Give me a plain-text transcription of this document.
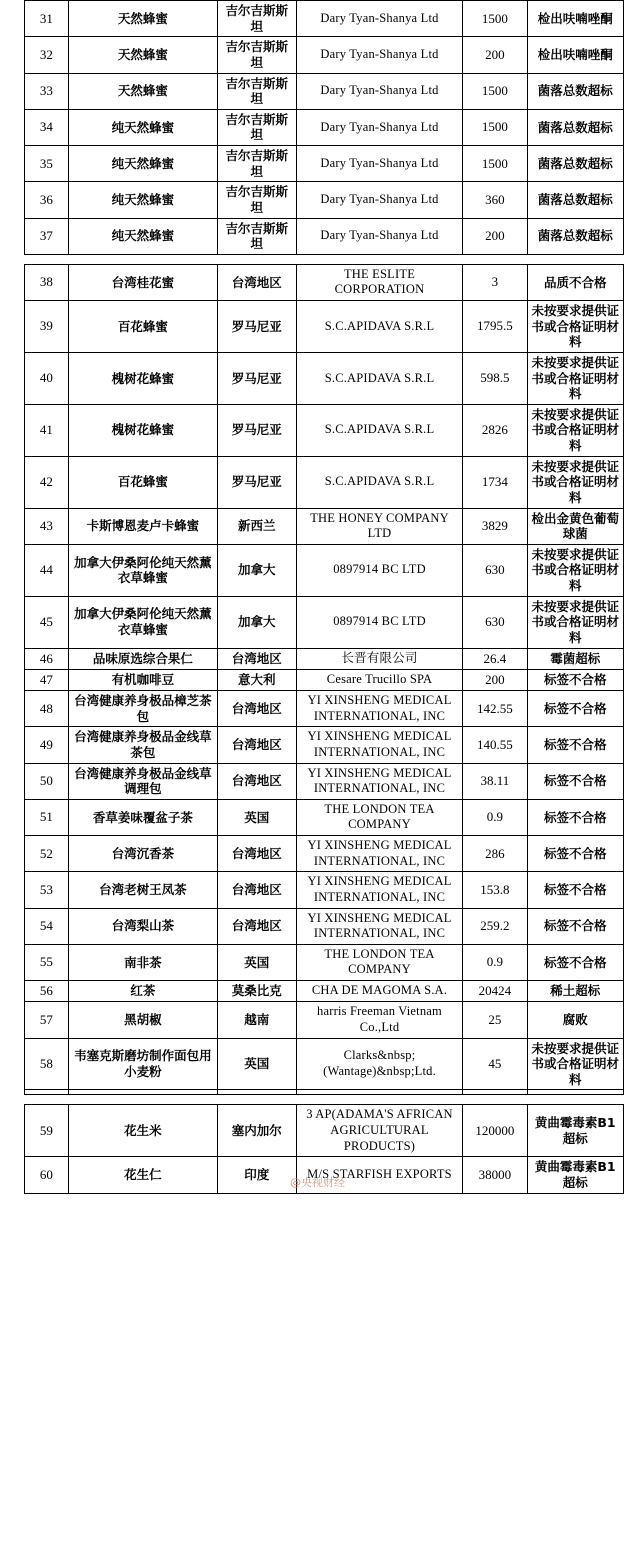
31	天然蜂蜜	吉尔吉斯斯坦	Dary Tyan-Shanya Ltd	1500	检出呋喃唑酮
32	天然蜂蜜	吉尔吉斯斯坦	Dary Tyan-Shanya Ltd	200	检出呋喃唑酮
33	天然蜂蜜	吉尔吉斯斯坦	Dary Tyan-Shanya Ltd	1500	菌落总数超标
34	纯天然蜂蜜	吉尔吉斯斯坦	Dary Tyan-Shanya Ltd	1500	菌落总数超标
35	纯天然蜂蜜	吉尔吉斯斯坦	Dary Tyan-Shanya Ltd	1500	菌落总数超标
36	纯天然蜂蜜	吉尔吉斯斯坦	Dary Tyan-Shanya Ltd	360	菌落总数超标
37	纯天然蜂蜜	吉尔吉斯斯坦	Dary Tyan-Shanya Ltd	200	菌落总数超标
38	台湾桂花蜜	台湾地区	THE ESLITE CORPORATION	3	品质不合格
39	百花蜂蜜	罗马尼亚	S.C.APIDAVA S.R.L	1795.5	未按要求提供证书或合格证明材料
40	槐树花蜂蜜	罗马尼亚	S.C.APIDAVA S.R.L	598.5	未按要求提供证书或合格证明材料
41	槐树花蜂蜜	罗马尼亚	S.C.APIDAVA S.R.L	2826	未按要求提供证书或合格证明材料
42	百花蜂蜜	罗马尼亚	S.C.APIDAVA S.R.L	1734	未按要求提供证书或合格证明材料
43	卡斯博恩麦卢卡蜂蜜	新西兰	THE HONEY COMPANY LTD	3829	检出金黄色葡萄球菌
44	加拿大伊桑阿伦纯天然薰衣草蜂蜜	加拿大	0897914 BC LTD	630	未按要求提供证书或合格证明材料
45	加拿大伊桑阿伦纯天然薰衣草蜂蜜	加拿大	0897914 BC LTD	630	未按要求提供证书或合格证明材料
46	品味原选综合果仁	台湾地区	长晋有限公司	26.4	霉菌超标
47	有机咖啡豆	意大利	Cesare Trucillo SPA	200	标签不合格
48	台湾健康养身极品樟芝茶包	台湾地区	YI XINSHENG MEDICAL INTERNATIONAL, INC	142.55	标签不合格
49	台湾健康养身极品金线草茶包	台湾地区	YI XINSHENG MEDICAL INTERNATIONAL, INC	140.55	标签不合格
50	台湾健康养身极品金线草调理包	台湾地区	YI XINSHENG MEDICAL INTERNATIONAL, INC	38.11	标签不合格
51	香草姜味覆盆子茶	英国	THE LONDON TEA COMPANY	0.9	标签不合格
52	台湾沉香茶	台湾地区	YI XINSHENG MEDICAL INTERNATIONAL, INC	286	标签不合格
53	台湾老树王凤茶	台湾地区	YI XINSHENG MEDICAL INTERNATIONAL, INC	153.8	标签不合格
54	台湾梨山茶	台湾地区	YI XINSHENG MEDICAL INTERNATIONAL, INC	259.2	标签不合格
55	南非茶	英国	THE LONDON TEA COMPANY	0.9	标签不合格
56	红茶	莫桑比克	CHA DE MAGOMA S.A.	20424	稀土超标
57	黑胡椒	越南	harris Freeman Vietnam Co.,Ltd	25	腐败
58	韦塞克斯磨坊制作面包用小麦粉	英国	Clarks&nbsp;(Wantage)&nbsp;Ltd.	45	未按要求提供证书或合格证明材料

59	花生米	塞内加尔	3 AP(ADAMA'S AFRICAN AGRICULTURAL PRODUCTS)	120000	黄曲霉毒素B1超标
60	花生仁	印度	M/S STARFISH EXPORTS	38000	黄曲霉毒素B1超标
@央视财经
